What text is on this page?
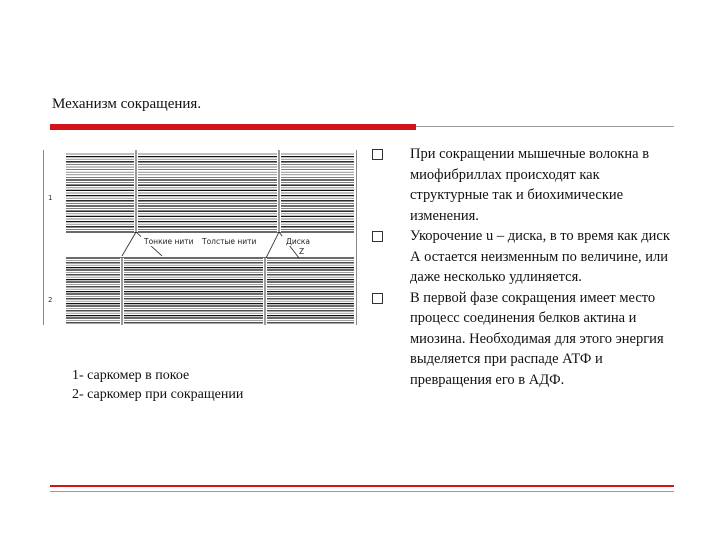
Механизм сокращения.
1
2
Тонкие нити Толстые нити	Диска
Z
1- саркомер в покое
2- саркомер при сокращении
При сокращении мышечные волокна в миофибриллах происходят как структурные так и биохимические изменения.
Укорочение u – диска, в то время как диск А остается неизменным по величине, или даже несколько удлиняется.
В первой фазе сокращения имеет место процесс соединения белков актина и миозина. Необходимая для этого энергия выделяется при распаде АТФ и превращения его в АДФ.
